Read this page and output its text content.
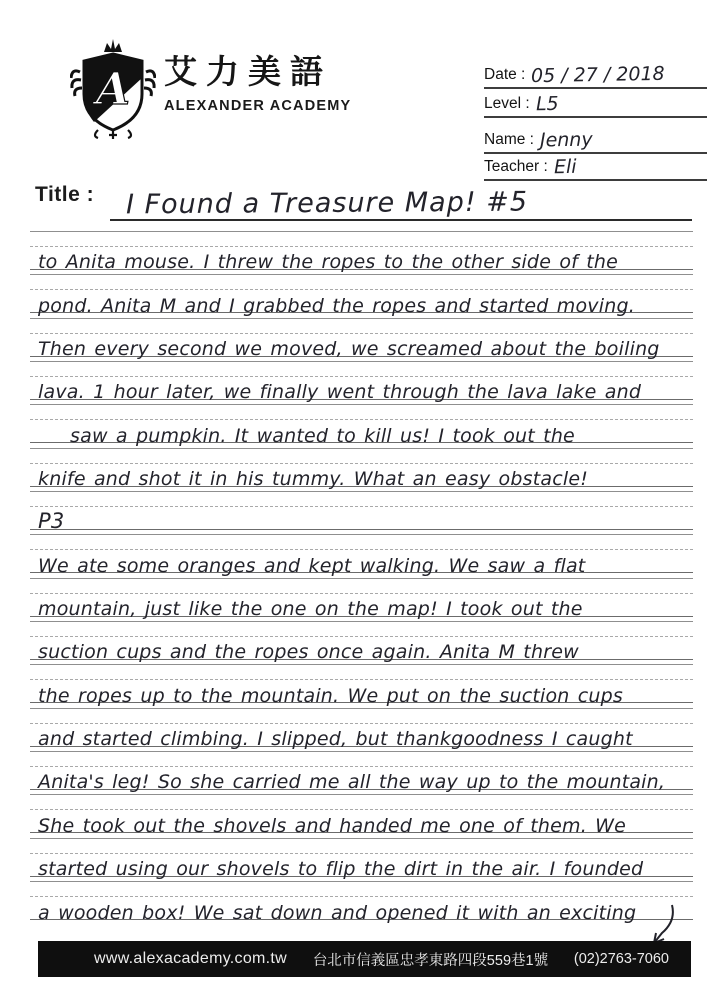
A 艾力美語
ALEXANDER ACADEMY
Date : 05 / 27 / 2018
Level : L5
Name : Jenny
Teacher : Eli
Title :	I Found a Treasure Map! #5
to Anita mouse. I threw the ropes to the other side of the
pond. Anita M and I grabbed the ropes and started moving.
Then every second we moved, we screamed about the boiling
lava. 1 hour later, we finally went through the lava lake and
saw a pumpkin. It wanted to kill us! I took out the
knife and shot it in his tummy. What an easy obstacle!
P3
We ate some oranges and kept walking. We saw a flat
mountain, just like the one on the map! I took out the
suction cups and the ropes once again. Anita M threw
the ropes up to the mountain. We put on the suction cups
and started climbing. I slipped, but thankgoodness I caught
Anita's leg! So she carried me all the way up to the mountain,
She took out the shovels and handed me one of them. We
started using our shovels to flip the dirt in the air. I founded
a wooden box! We sat down and opened it with an exciting
www.alexacademy.com.tw 台北市信義區忠孝東路四段559巷1號 (02)2763-7060
